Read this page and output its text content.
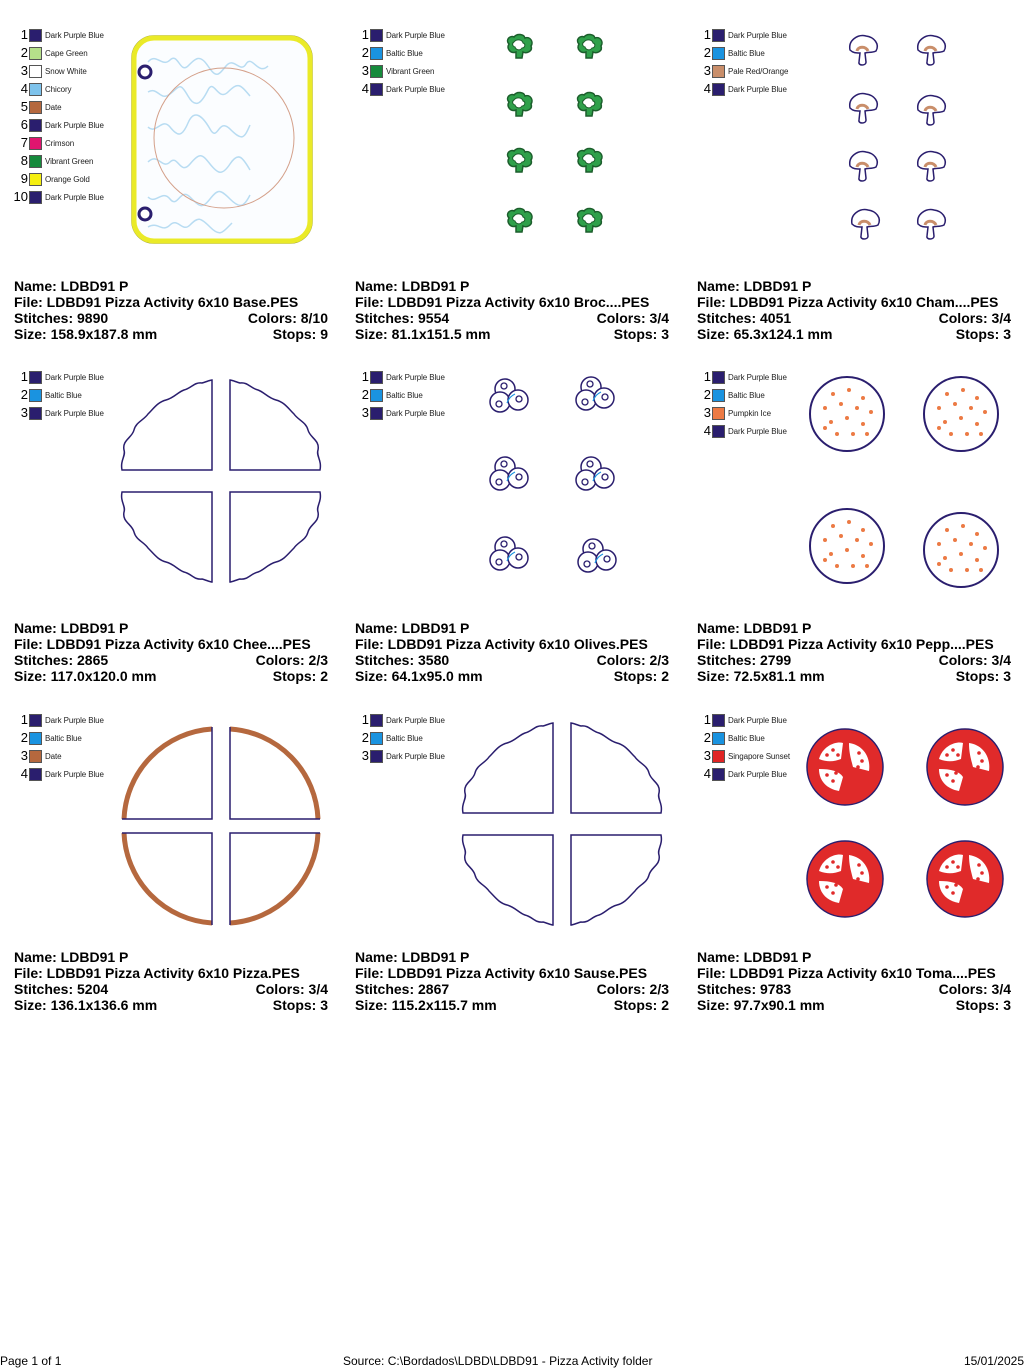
1 Dark Purple Blue
2 Cape Green
3 Snow White
4 Chicory
5 Date
6 Dark Purple Blue
7 Crimson
8 Vibrant Green
9 Orange Gold
10 Dark Purple Blue
Name: LDBD91 P
File: LDBD91 Pizza Activity 6x10 Base.PES
Stitches: 9890	Colors: 8/10
Size: 158.9x187.8 mm	Stops: 9
1 Dark Purple Blue
2 Baltic Blue
3 Vibrant Green
4 Dark Purple Blue
Name: LDBD91 P
File: LDBD91 Pizza Activity 6x10 Broc....PES
Stitches: 9554	Colors: 3/4
Size: 81.1x151.5 mm	Stops: 3
1 Dark Purple Blue
2 Baltic Blue
3 Pale Red/Orange
4 Dark Purple Blue
Name: LDBD91 P
File: LDBD91 Pizza Activity 6x10 Cham....PES
Stitches: 4051	Colors: 3/4
Size: 65.3x124.1 mm	Stops: 3
1 Dark Purple Blue
2 Baltic Blue
3 Dark Purple Blue
Name: LDBD91 P
File: LDBD91 Pizza Activity 6x10 Chee....PES
Stitches: 2865	Colors: 2/3
Size: 117.0x120.0 mm	Stops: 2
1 Dark Purple Blue
2 Baltic Blue
3 Dark Purple Blue
Name: LDBD91 P
File: LDBD91 Pizza Activity 6x10 Olives.PES
Stitches: 3580	Colors: 2/3
Size: 64.1x95.0 mm	Stops: 2
1 Dark Purple Blue
2 Baltic Blue
3 Pumpkin Ice
4 Dark Purple Blue
Name: LDBD91 P
File: LDBD91 Pizza Activity 6x10 Pepp....PES
Stitches: 2799	Colors: 3/4
Size: 72.5x81.1 mm	Stops: 3
1 Dark Purple Blue
2 Baltic Blue
3 Date
4 Dark Purple Blue
Name: LDBD91 P
File: LDBD91 Pizza Activity 6x10 Pizza.PES
Stitches: 5204	Colors: 3/4
Size: 136.1x136.6 mm	Stops: 3
1 Dark Purple Blue
2 Baltic Blue
3 Dark Purple Blue
Name: LDBD91 P
File: LDBD91 Pizza Activity 6x10 Sause.PES
Stitches: 2867	Colors: 2/3
Size: 115.2x115.7 mm	Stops: 2
1 Dark Purple Blue
2 Baltic Blue
3 Singapore Sunset
4 Dark Purple Blue
Name: LDBD91 P
File: LDBD91 Pizza Activity 6x10 Toma....PES
Stitches: 9783	Colors: 3/4
Size: 97.7x90.1 mm	Stops: 3
Page 1 of 1	Source: C:\Bordados\LDBD\LDBD91 - Pizza Activity folder	15/01/2025
